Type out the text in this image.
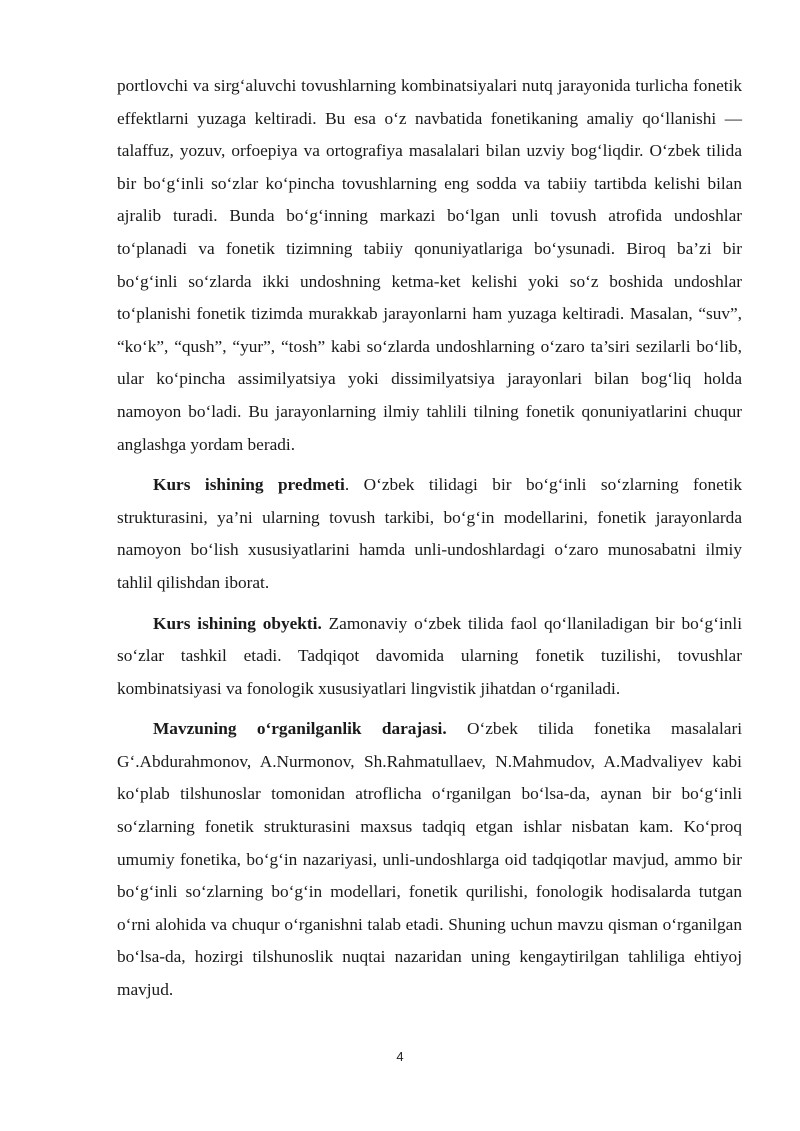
portlovchi va sirg‘aluvchi tovushlarning kombinatsiyalari nutq jarayonida turlicha fonetik effektlarni yuzaga keltiradi. Bu esa o‘z navbatida fonetikaning amaliy qo‘llanishi — talaffuz, yozuv, orfoepiya va ortografiya masalalari bilan uzviy bog‘liqdir. O‘zbek tilida bir bo‘g‘inli so‘zlar ko‘pincha tovushlarning eng sodda va tabiiy tartibda kelishi bilan ajralib turadi. Bunda bo‘g‘inning markazi bo‘lgan unli tovush atrofida undoshlar to‘planadi va fonetik tizimning tabiiy qonuniyatlariga bo‘ysunadi. Biroq ba’zi bir bo‘g‘inli so‘zlarda ikki undoshning ketma-ket kelishi yoki so‘z boshida undoshlar to‘planishi fonetik tizimda murakkab jarayonlarni ham yuzaga keltiradi. Masalan, “suv”, “ko‘k”, “qush”, “yur”, “tosh” kabi so‘zlarda undoshlarning o‘zaro ta’siri sezilarli bo‘lib, ular ko‘pincha assimilyatsiya yoki dissimilyatsiya jarayonlari bilan bog‘liq holda namoyon bo‘ladi. Bu jarayonlarning ilmiy tahlili tilning fonetik qonuniyatlarini chuqur anglashga yordam beradi.

Kurs ishining predmeti. O‘zbek tilidagi bir bo‘g‘inli so‘zlarning fonetik strukturasini, ya’ni ularning tovush tarkibi, bo‘g‘in modellarini, fonetik jarayonlarda namoyon bo‘lish xususiyatlarini hamda unli-undoshlardagi o‘zaro munosabatni ilmiy tahlil qilishdan iborat.

Kurs ishining obyekti. Zamonaviy o‘zbek tilida faol qo‘llaniladigan bir bo‘g‘inli so‘zlar tashkil etadi. Tadqiqot davomida ularning fonetik tuzilishi, tovushlar kombinatsiyasi va fonologik xususiyatlari lingvistik jihatdan o‘rganiladi.

Mavzuning o‘rganilganlik darajasi. O‘zbek tilida fonetika masalalari G‘.Abdurahmonov, A.Nurmonov, Sh.Rahmatullaev, N.Mahmudov, A.Madvaliyev kabi ko‘plab tilshunoslar tomonidan atroflicha o‘rganilgan bo‘lsa-da, aynan bir bo‘g‘inli so‘zlarning fonetik strukturasini maxsus tadqiq etgan ishlar nisbatan kam. Ko‘proq umumiy fonetika, bo‘g‘in nazariyasi, unli-undoshlarga oid tadqiqotlar mavjud, ammo bir bo‘g‘inli so‘zlarning bo‘g‘in modellari, fonetik qurilishi, fonologik hodisalarda tutgan o‘rni alohida va chuqur o‘rganishni talab etadi. Shuning uchun mavzu qisman o‘rganilgan bo‘lsa-da, hozirgi tilshunoslik nuqtai nazaridan uning kengaytirilgan tahliliga ehtiyoj mavjud.

4
